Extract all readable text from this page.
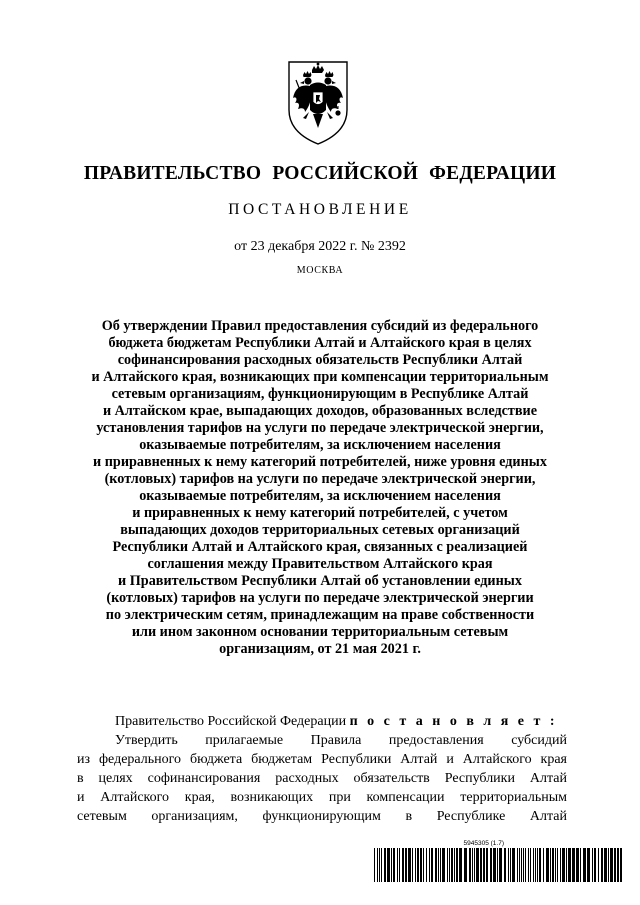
ПРАВИТЕЛЬСТВО РОССИЙСКОЙ ФЕДЕРАЦИИ
ПОСТАНОВЛЕНИЕ
от 23 декабря 2022 г. № 2392
МОСКВА

Об утверждении Правил предоставления субсидий из федерального
бюджета бюджетам Республики Алтай и Алтайского края в целях
софинансирования расходных обязательств Республики Алтай
и Алтайского края, возникающих при компенсации территориальным
сетевым организациям, функционирующим в Республике Алтай
и Алтайском крае, выпадающих доходов, образованных вследствие
установления тарифов на услуги по передаче электрической энергии,
оказываемые потребителям, за исключением населения
и приравненных к нему категорий потребителей, ниже уровня единых
(котловых) тарифов на услуги по передаче электрической энергии,
оказываемые потребителям, за исключением населения
и приравненных к нему категорий потребителей, с учетом
выпадающих доходов территориальных сетевых организаций
Республики Алтай и Алтайского края, связанных с реализацией
соглашения между Правительством Алтайского края
и Правительством Республики Алтай об установлении единых
(котловых) тарифов на услуги по передаче электрической энергии
по электрическим сетям, принадлежащим на праве собственности
или ином законном основании территориальным сетевым
организациям, от 21 мая 2021 г.

Правительство Российской Федерации п о с т а н о в л я е т :

Утвердить прилагаемые Правила предоставления субсидий
из федерального бюджета бюджетам Республики Алтай и Алтайского края
в целях софинансирования расходных обязательств Республики Алтай
и Алтайского края, возникающих при компенсации территориальным
сетевым организациям, функционирующим в Республике Алтай
5945305 (1.7)
